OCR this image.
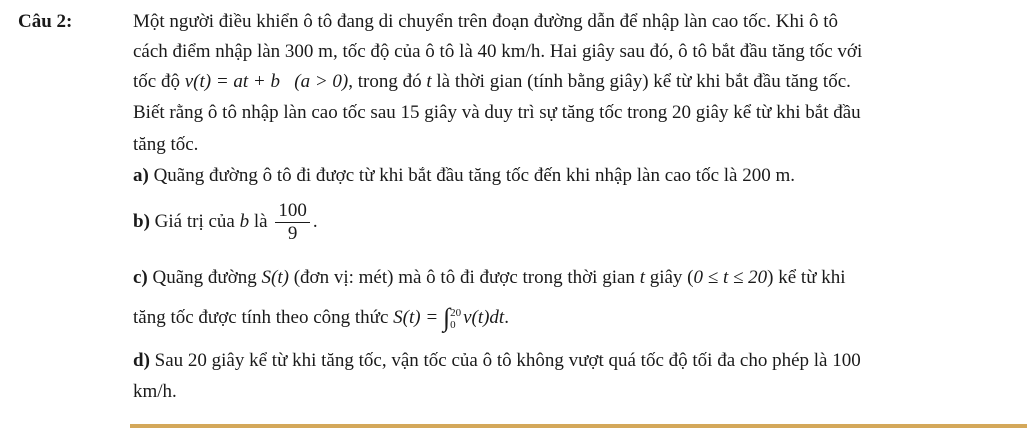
Câu 2:	Một người điều khiển ô tô đang di chuyển trên đoạn đường dẫn để nhập làn cao tốc. Khi ô tô
cách điểm nhập làn 300 m, tốc độ của ô tô là 40 km/h. Hai giây sau đó, ô tô bắt đầu tăng tốc với
tốc độ v(t) = at + b (a > 0), trong đó t là thời gian (tính bằng giây) kể từ khi bắt đầu tăng tốc.
Biết rằng ô tô nhập làn cao tốc sau 15 giây và duy trì sự tăng tốc trong 20 giây kể từ khi bắt đầu
tăng tốc.
a) Quãng đường ô tô đi được từ khi bắt đầu tăng tốc đến khi nhập làn cao tốc là 200 m.
b) Giá trị của b là $\frac{100}{9}$ .
c) Quãng đường S(t) (đơn vị: mét) mà ô tô đi được trong thời gian t giây (0 ≤ t ≤ 20) kể từ khi
tăng tốc được tính theo công thức S(t) = ∫ 20
0 v(t)dt.
d) Sau 20 giây kể từ khi tăng tốc, vận tốc của ô tô không vượt quá tốc độ tối đa cho phép là 100
km/h.
